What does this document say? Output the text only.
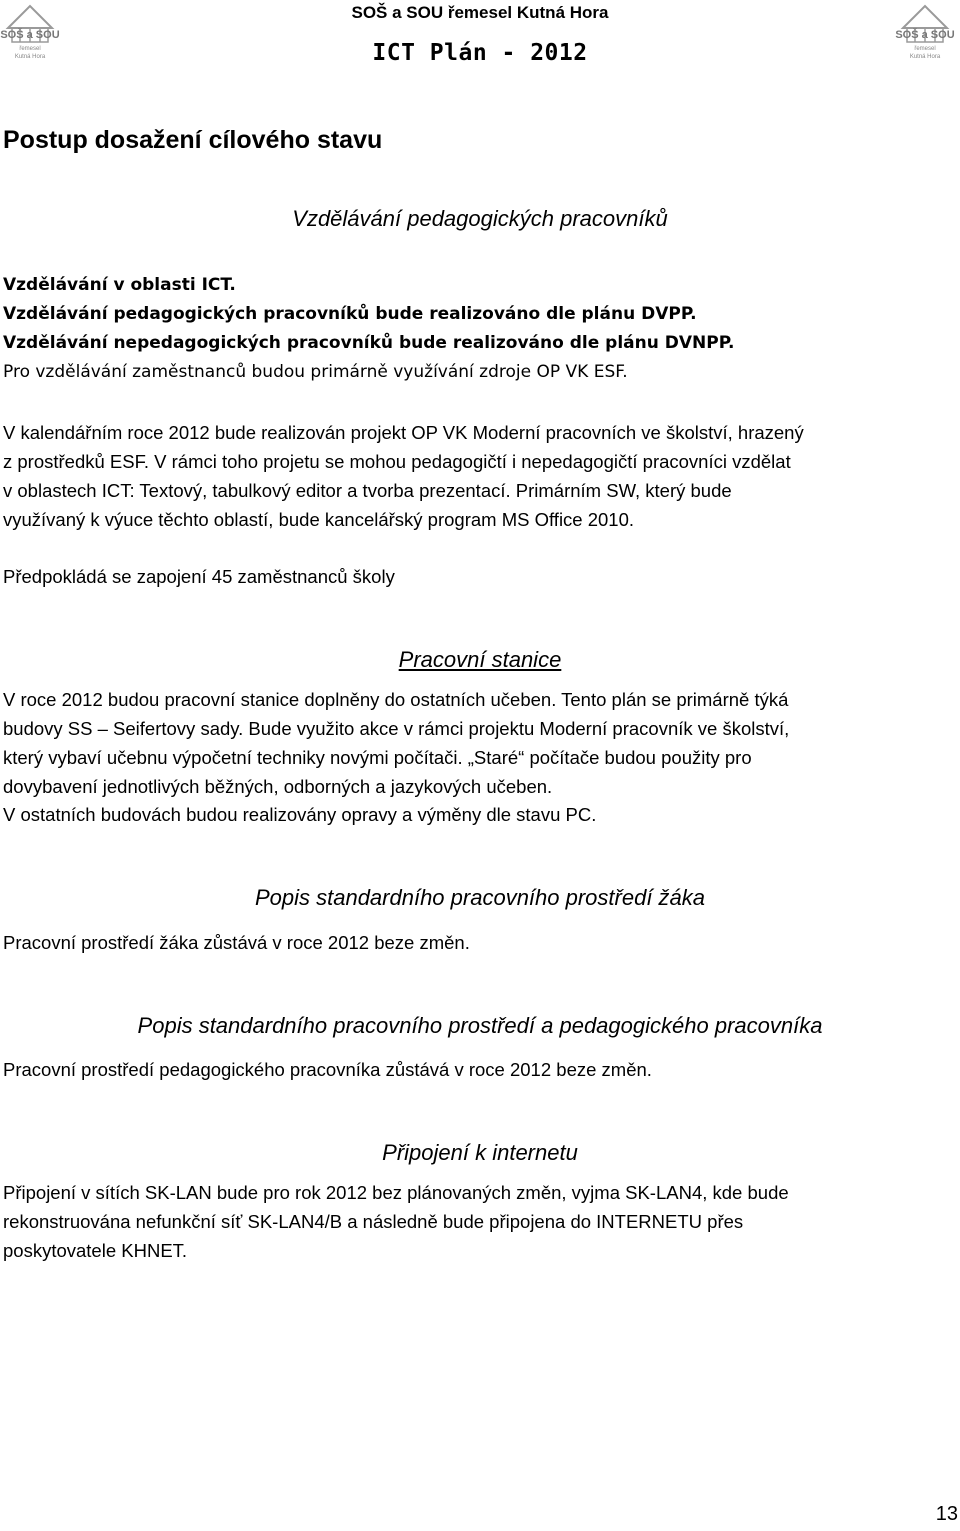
SOŠ a SOU
řemesel
Kutná Hora
SOŠ a SOU
řemesel
Kutná Hora
SOŠ a SOU řemesel Kutná Hora
ICT Plán - 2012
Postup dosažení cílového stavu
Vzdělávání pedagogických pracovníků
Vzdělávání v oblasti ICT.
Vzdělávání pedagogických pracovníků bude realizováno dle plánu DVPP.
Vzdělávání nepedagogických pracovníků bude realizováno dle plánu DVNPP.
Pro vzdělávání zaměstnanců budou primárně využívání zdroje OP VK ESF.
V kalendářním roce 2012 bude realizován projekt OP VK Moderní pracovních ve školství, hrazený
z prostředků ESF. V rámci toho projetu se mohou pedagogičtí i nepedagogičtí pracovníci vzdělat
v oblastech ICT: Textový, tabulkový editor a tvorba prezentací. Primárním SW, který bude
využívaný k výuce těchto oblastí, bude kancelářský program MS Office 2010.
Předpokládá se zapojení 45 zaměstnanců školy
Pracovní stanice
V roce 2012 budou pracovní stanice doplněny do ostatních učeben. Tento plán se primárně týká
budovy SS – Seifertovy sady. Bude využito akce v rámci projektu Moderní pracovník ve školství,
který vybaví učebnu výpočetní techniky novými počítači. „Staré“ počítače budou použity pro
dovybavení jednotlivých běžných, odborných a jazykových učeben.
V ostatních budovách budou realizovány opravy a výměny dle stavu PC.
Popis standardního pracovního prostředí žáka
Pracovní prostředí žáka zůstává v roce 2012 beze změn.
Popis standardního pracovního prostředí a pedagogického pracovníka
Pracovní prostředí pedagogického pracovníka zůstává v roce 2012 beze změn.
Připojení k internetu
Připojení v sítích SK-LAN bude pro rok 2012 bez plánovaných změn, vyjma SK-LAN4, kde bude
rekonstruována nefunkční síť SK-LAN4/B a následně bude připojena do INTERNETU přes
poskytovatele KHNET.
13
